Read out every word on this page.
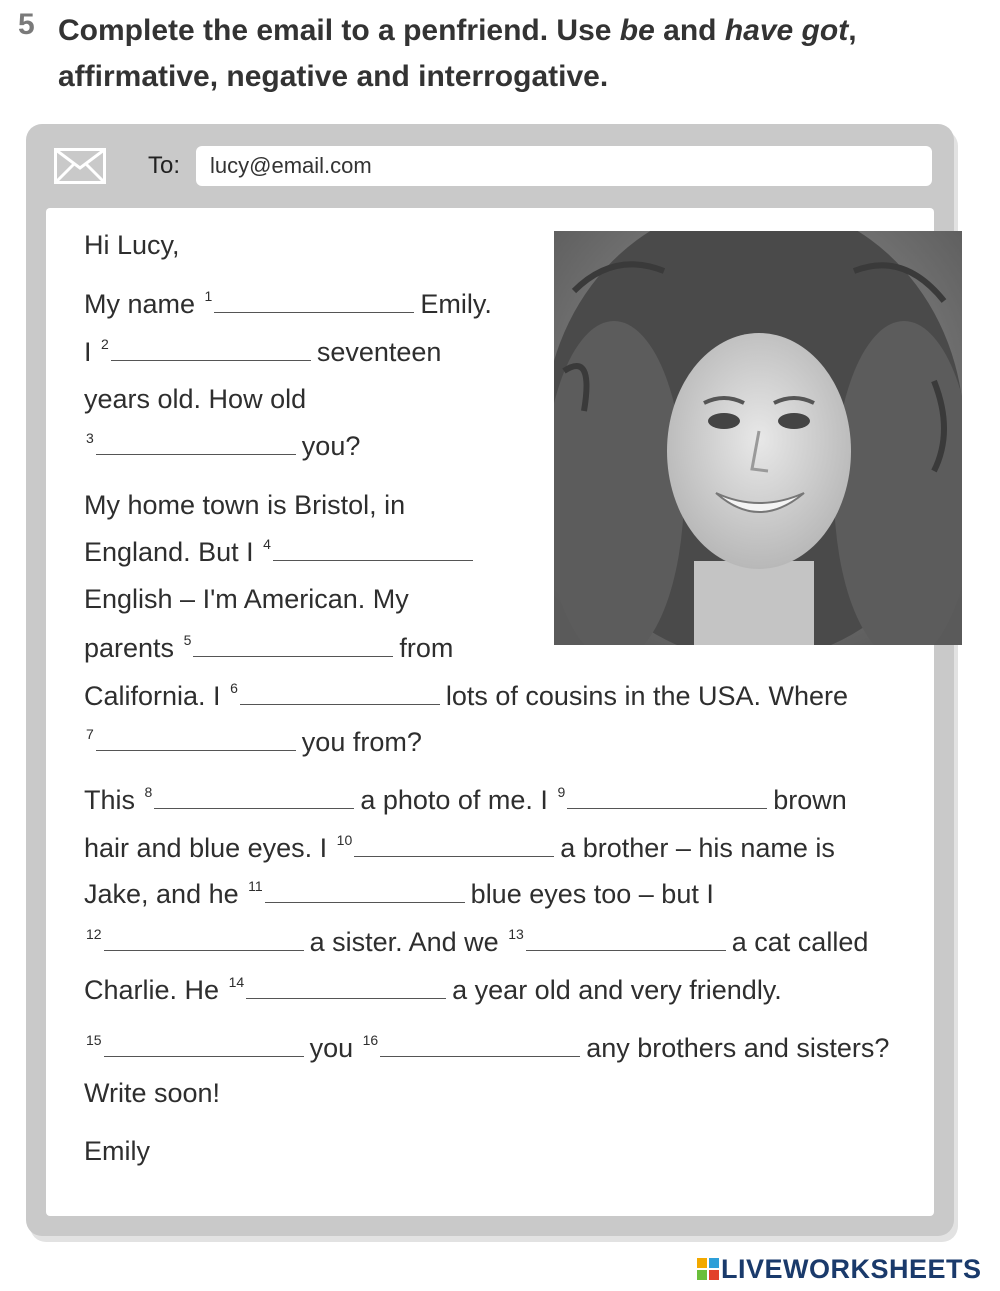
5 Complete the email to a penfriend. Use be and have got,
affirmative, negative and interrogative.
To:
lucy@email.com
Hi Lucy,
My name $^1$	Emily.
I $^2$	seventeen
years old. How old
$^3$	you?
My home town is Bristol, in
England. But I $^4$
English – I'm American. My
parents $^5$	from
California. I $^6$	lots of cousins in the USA. Where
$^7$	you from?
This $^8$	a photo of me. I $^9$	brown
hair and blue eyes. I $^{10}$	a brother – his name is
Jake, and he $^{11}$	blue eyes too – but I
$^{12}$	a sister. And we $^{13}$	a cat called
Charlie. He $^{14}$	a year old and very friendly.
$^{15}$	you $^{16}$	any brothers and sisters?
Write soon!
Emily
LIVEWORKSHEETS
